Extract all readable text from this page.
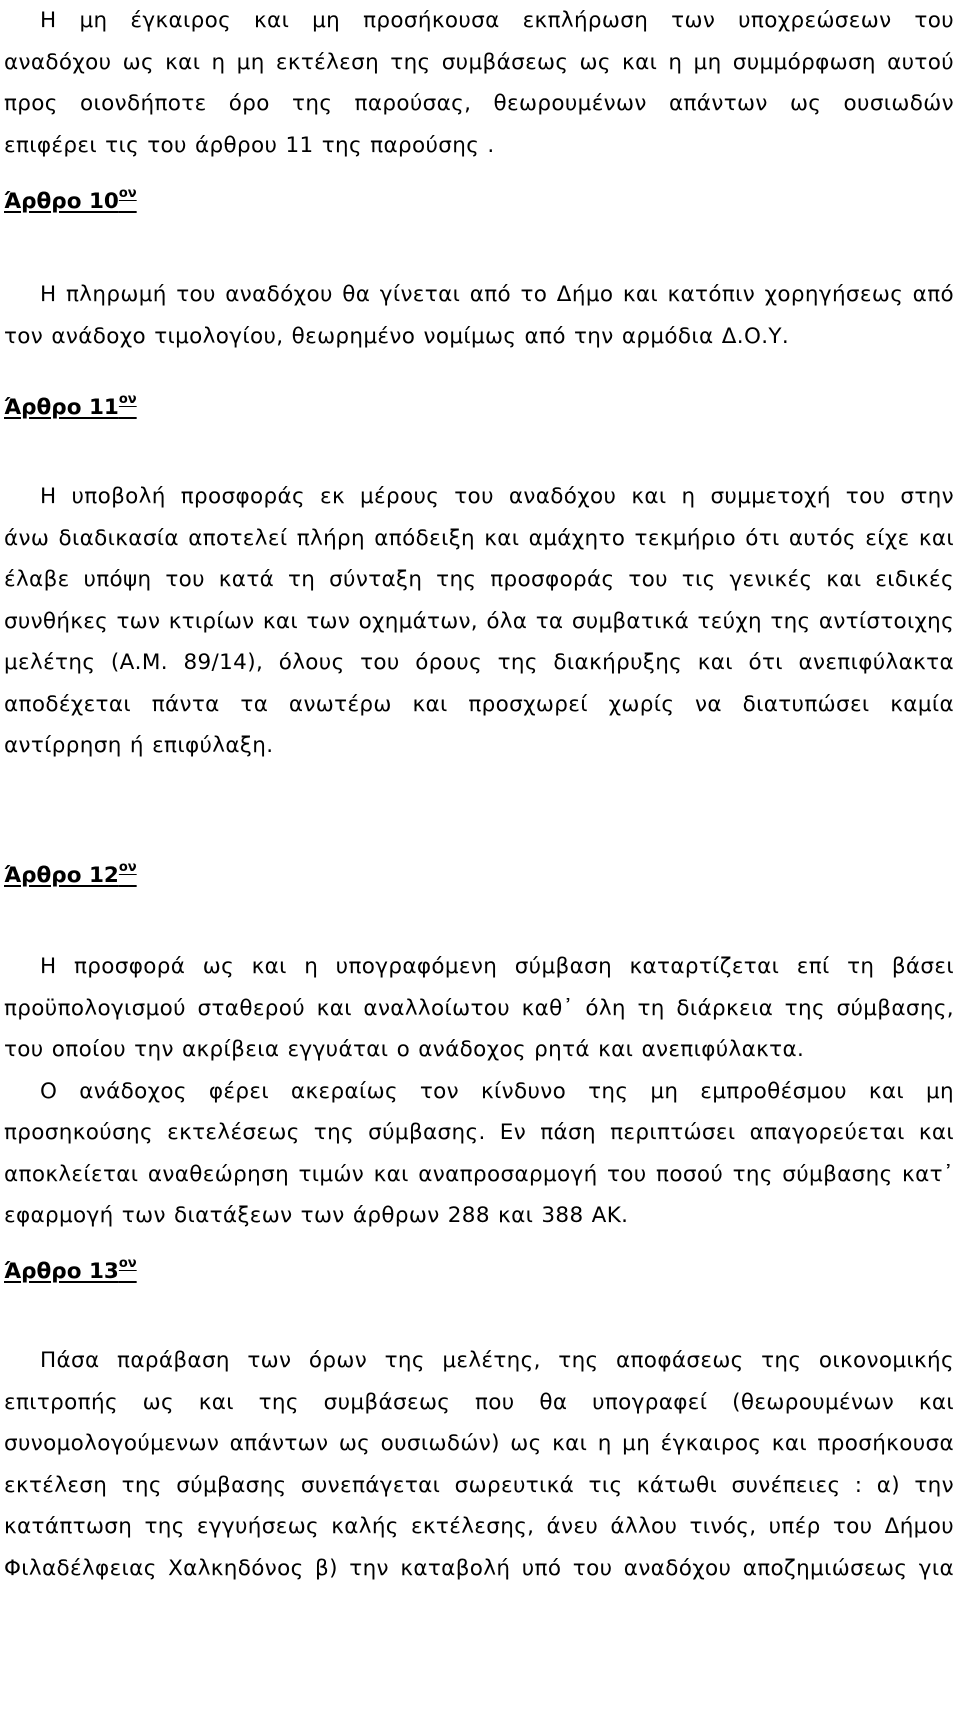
Η μη έγκαιρος και μη προσήκουσα εκπλήρωση των υποχρεώσεων του
αναδόχου ως και η μη εκτέλεση της συμβάσεως ως και η μη συμμόρφωση αυτού
προς οιονδήποτε όρο της παρούσας, θεωρουμένων απάντων ως ουσιωδών
επιφέρει τις του άρθρου 11 της παρούσης .
Άρθρο $10^{o\nu}$
Η πληρωμή του αναδόχου θα γίνεται από το Δήμο και κατόπιν χορηγήσεως από
τον ανάδοχο τιμολογίου, θεωρημένο νομίμως από την αρμόδια Δ.Ο.Υ.
Άρθρο $11^{o\nu}$
Η υποβολή προσφοράς εκ μέρους του αναδόχου και η συμμετοχή του στην
άνω διαδικασία αποτελεί πλήρη απόδειξη και αμάχητο τεκμήριο ότι αυτός είχε και
έλαβε υπόψη του κατά τη σύνταξη της προσφοράς του τις γενικές και ειδικές
συνθήκες των κτιρίων και των οχημάτων, όλα τα συμβατικά τεύχη της αντίστοιχης
μελέτης (Α.Μ. 89/14), όλους του όρους της διακήρυξης και ότι ανεπιφύλακτα
αποδέχεται πάντα τα ανωτέρω και προσχωρεί χωρίς να διατυπώσει καμία
αντίρρηση ή επιφύλαξη.
Άρθρο $12^{o\nu}$
Η προσφορά ως και η υπογραφόμενη σύμβαση καταρτίζεται επί τη βάσει
προϋπολογισμού σταθερού και αναλλοίωτου καθ᾽ όλη τη διάρκεια της σύμβασης,
του οποίου την ακρίβεια εγγυάται ο ανάδοχος ρητά και ανεπιφύλακτα.
Ο ανάδοχος φέρει ακεραίως τον κίνδυνο της μη εμπροθέσμου και μη
προσηκούσης εκτελέσεως της σύμβασης. Εν πάση περιπτώσει απαγορεύεται και
αποκλείεται αναθεώρηση τιμών και αναπροσαρμογή του ποσού της σύμβασης κατ᾽
εφαρμογή των διατάξεων των άρθρων 288 και 388 ΑΚ.
Άρθρο $13^{o\nu}$
Πάσα παράβαση των όρων της μελέτης, της αποφάσεως της οικονομικής
επιτροπής ως και της συμβάσεως που θα υπογραφεί (θεωρουμένων και
συνομολογούμενων απάντων ως ουσιωδών) ως και η μη έγκαιρος και προσήκουσα
εκτέλεση της σύμβασης συνεπάγεται σωρευτικά τις κάτωθι συνέπειες : α) την
κατάπτωση της εγγυήσεως καλής εκτέλεσης, άνευ άλλου τινός, υπέρ του Δήμου
Φιλαδέλφειας Χαλκηδόνος β) την καταβολή υπό του αναδόχου αποζημιώσεως για
